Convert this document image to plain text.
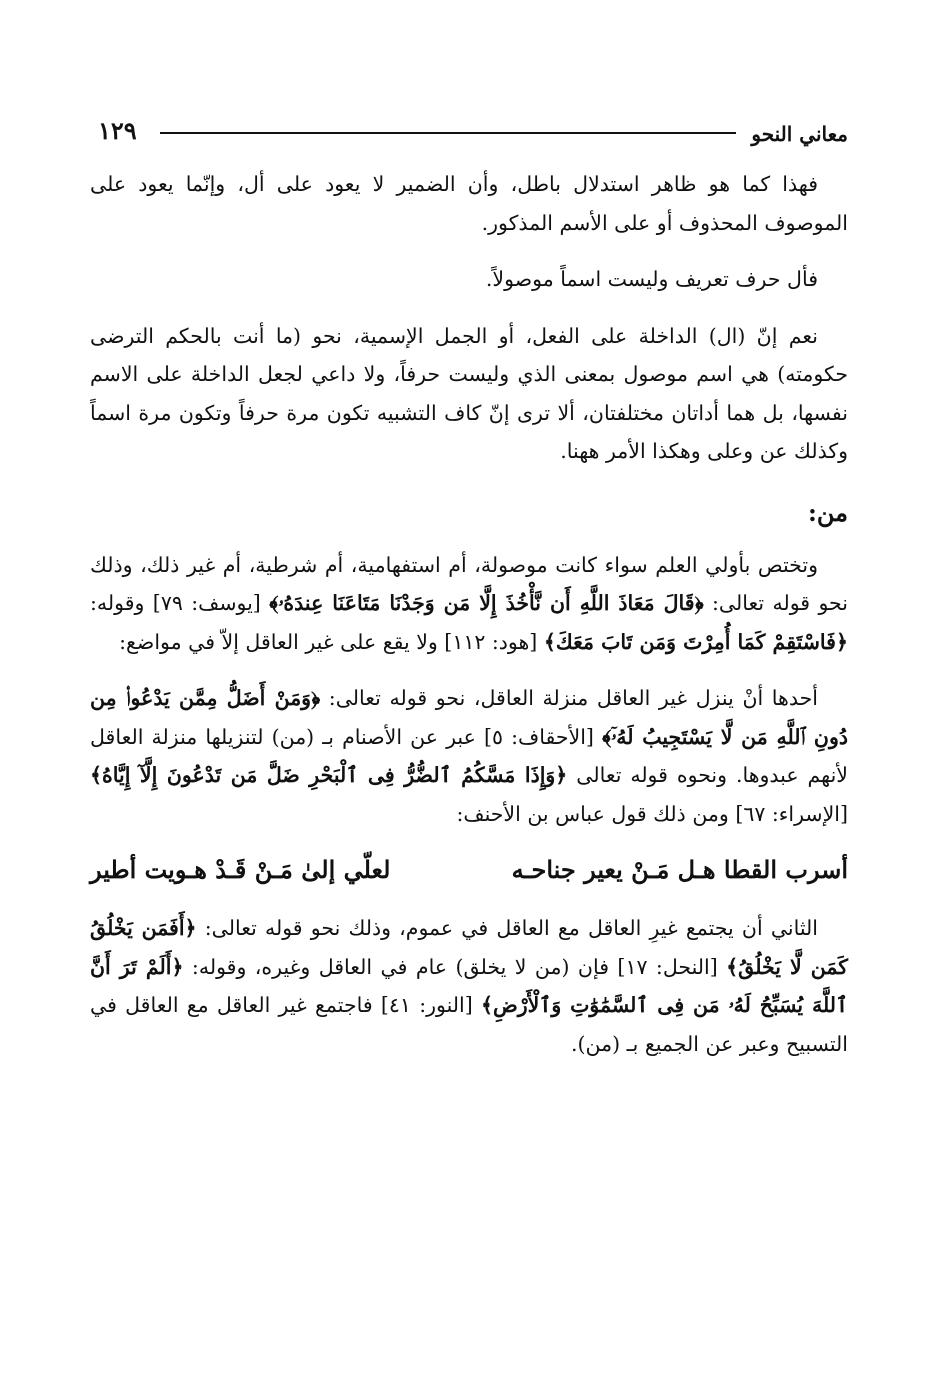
١٢٩	معاني النحو

فهذا كما هو ظاهر استدلال باطل، وأن الضمير لا يعود على أل، وإنّما يعود على الموصوف المحذوف أو على الأسم المذكور.

فأل حرف تعريف وليست اسماً موصولاً.

نعم إنّ (ال) الداخلة على الفعل، أو الجمل الإسمية، نحو (ما أنت بالحكم الترضى حكومته) هي اسم موصول بمعنى الذي وليست حرفاً، ولا داعي لجعل الداخلة على الاسم نفسها، بل هما أداتان مختلفتان، ألا ترى إنّ كاف التشبيه تكون مرة حرفاً وتكون مرة اسماً وكذلك عن وعلى وهكذا الأمر ههنا.

من:

وتختص بأولي العلم سواء كانت موصولة، أم استفهامية، أم شرطية، أم غير ذلك، وذلك نحو قوله تعالى: ﴿قَالَ مَعَاذَ اللَّهِ أَن نَّأْخُذَ إِلَّا مَن وَجَدْنَا مَتَاعَنَا عِندَهُۥ﴾ [يوسف: ٧٩] وقوله: ﴿فَاسْتَقِمْ كَمَا أُمِرْتَ وَمَن تَابَ مَعَكَ﴾ [هود: ١١٢] ولا يقع على غير العاقل إلاّ في مواضع:

أحدها أنْ ينزل غير العاقل منزلة العاقل، نحو قوله تعالى: ﴿وَمَنْ أَضَلُّ مِمَّن يَدْعُوا۟ مِن دُونِ ٱللَّهِ مَن لَّا يَسْتَجِيبُ لَهُۥٓ﴾ [الأحقاف: ٥] عبر عن الأصنام بـ (من) لتنزيلها منزلة العاقل لأنهم عبدوها. ونحوه قوله تعالى ﴿وَإِذَا مَسَّكُمُ ٱلضُّرُّ فِى ٱلْبَحْرِ ضَلَّ مَن تَدْعُونَ إِلَّآ إِيَّاهُ﴾ [الإسراء: ٦٧] ومن ذلك قول عباس بن الأحنف:

أسرب القطا هـل مَـنْ يعير جناحـه
لعلّي إلىٰ مَـنْ قَـدْ هـويت أطير

الثاني أن يجتمع غيرِ العاقل مع العاقل في عموم، وذلك نحو قوله تعالى: ﴿أَفَمَن يَخْلُقُ كَمَن لَّا يَخْلُقُ﴾ [النحل: ١٧] فإن (من لا يخلق) عام في العاقل وغيره، وقوله: ﴿أَلَمْ تَرَ أَنَّ ٱللَّهَ يُسَبِّحُ لَهُۥ مَن فِى ٱلسَّمَٰوَٰتِ وَٱلْأَرْضِ﴾ [النور: ٤١] فاجتمع غير العاقل مع العاقل في التسبيح وعبر عن الجميع بـ (من).
